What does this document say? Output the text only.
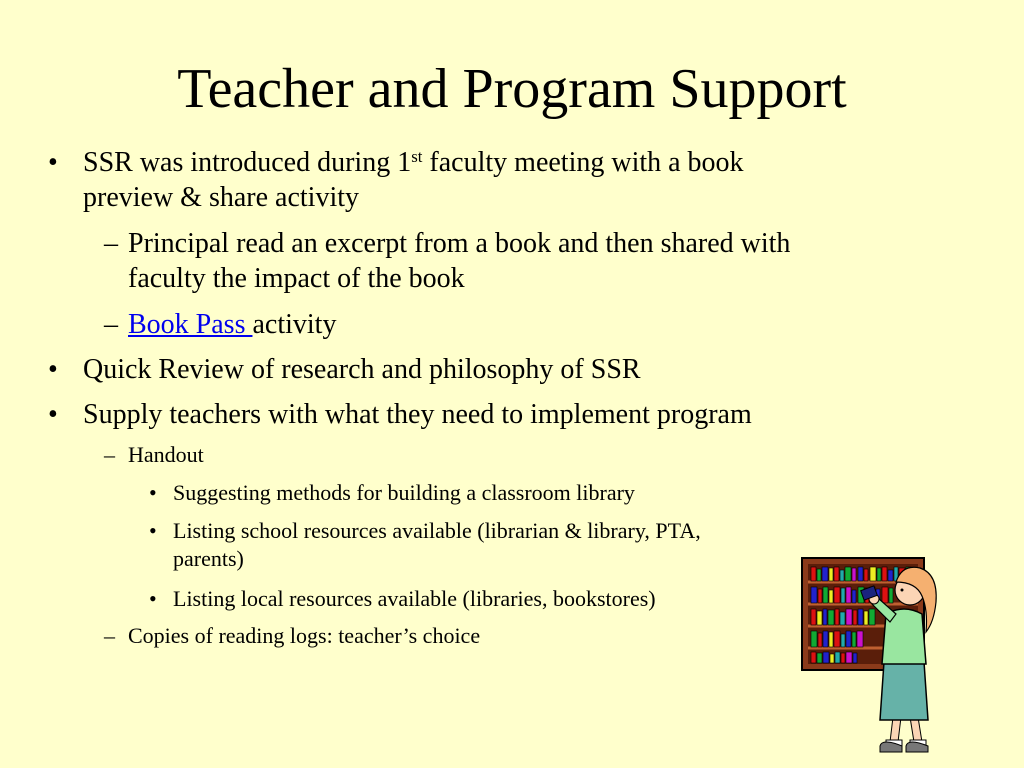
Teacher and Program Support
• SSR was introduced during 1st faculty meeting with a book
preview & share activity
– Principal read an excerpt from a book and then shared with
faculty the impact of the book
– Book Pass activity
• Quick Review of research and philosophy of SSR
• Supply teachers with what they need to implement program
– Handout
• Suggesting methods for building a classroom library
• Listing school resources available (librarian & library, PTA,
parents)
• Listing local resources available (libraries, bookstores)
– Copies of reading logs: teacher’s choice
